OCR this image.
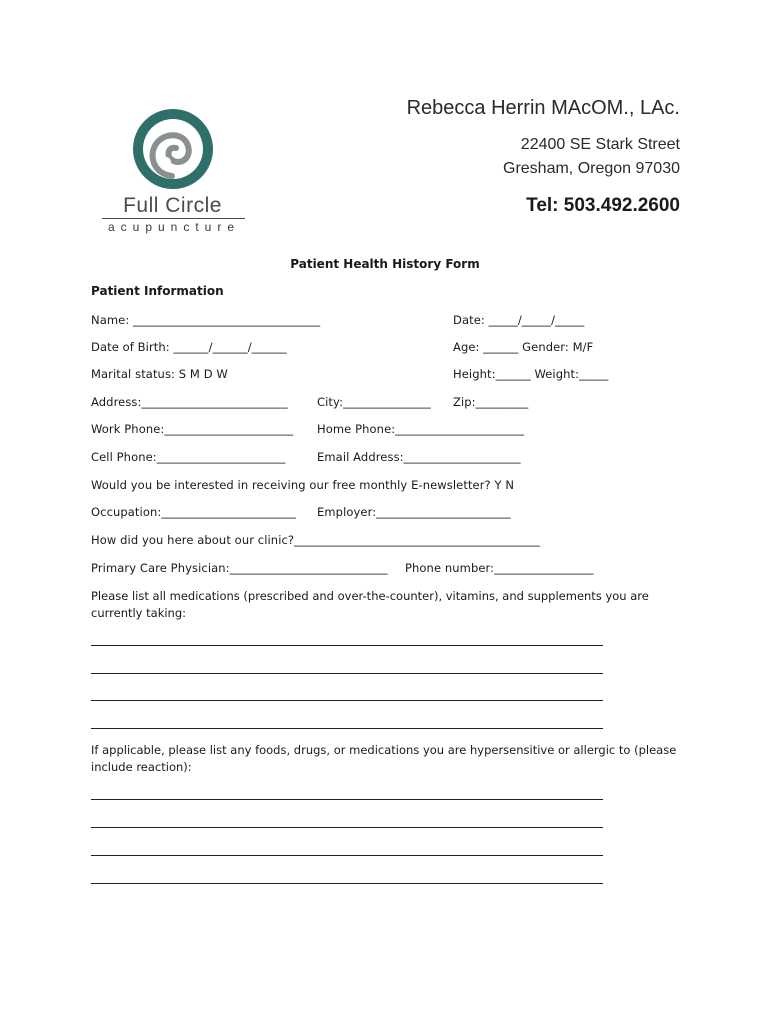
Full Circle
acupuncture
Rebecca Herrin MAcOM., LAc.
22400 SE Stark Street
Gresham, Oregon 97030
Tel: 503.492.2600
Patient Health History Form
Patient Information
Name: ________________________________	Date: _____/_____/_____
Date of Birth: ______/______/______	Age: ______ Gender: M/F
Marital status: S M D W	Height:______ Weight:_____
Address:_________________________	City:_______________ Zip:_________
Work Phone:______________________ Home Phone:______________________
Cell Phone:______________________	Email Address:____________________
Would you be interested in receiving our free monthly E-newsletter? Y N
Occupation:_______________________ Employer:_______________________
How did you here about our clinic?__________________________________________
Primary Care Physician:___________________________ Phone number:_________________
Please list all medications (prescribed and over-the-counter), vitamins, and supplements you are currently taking:
If applicable, please list any foods, drugs, or medications you are hypersensitive or allergic to (please include reaction):
